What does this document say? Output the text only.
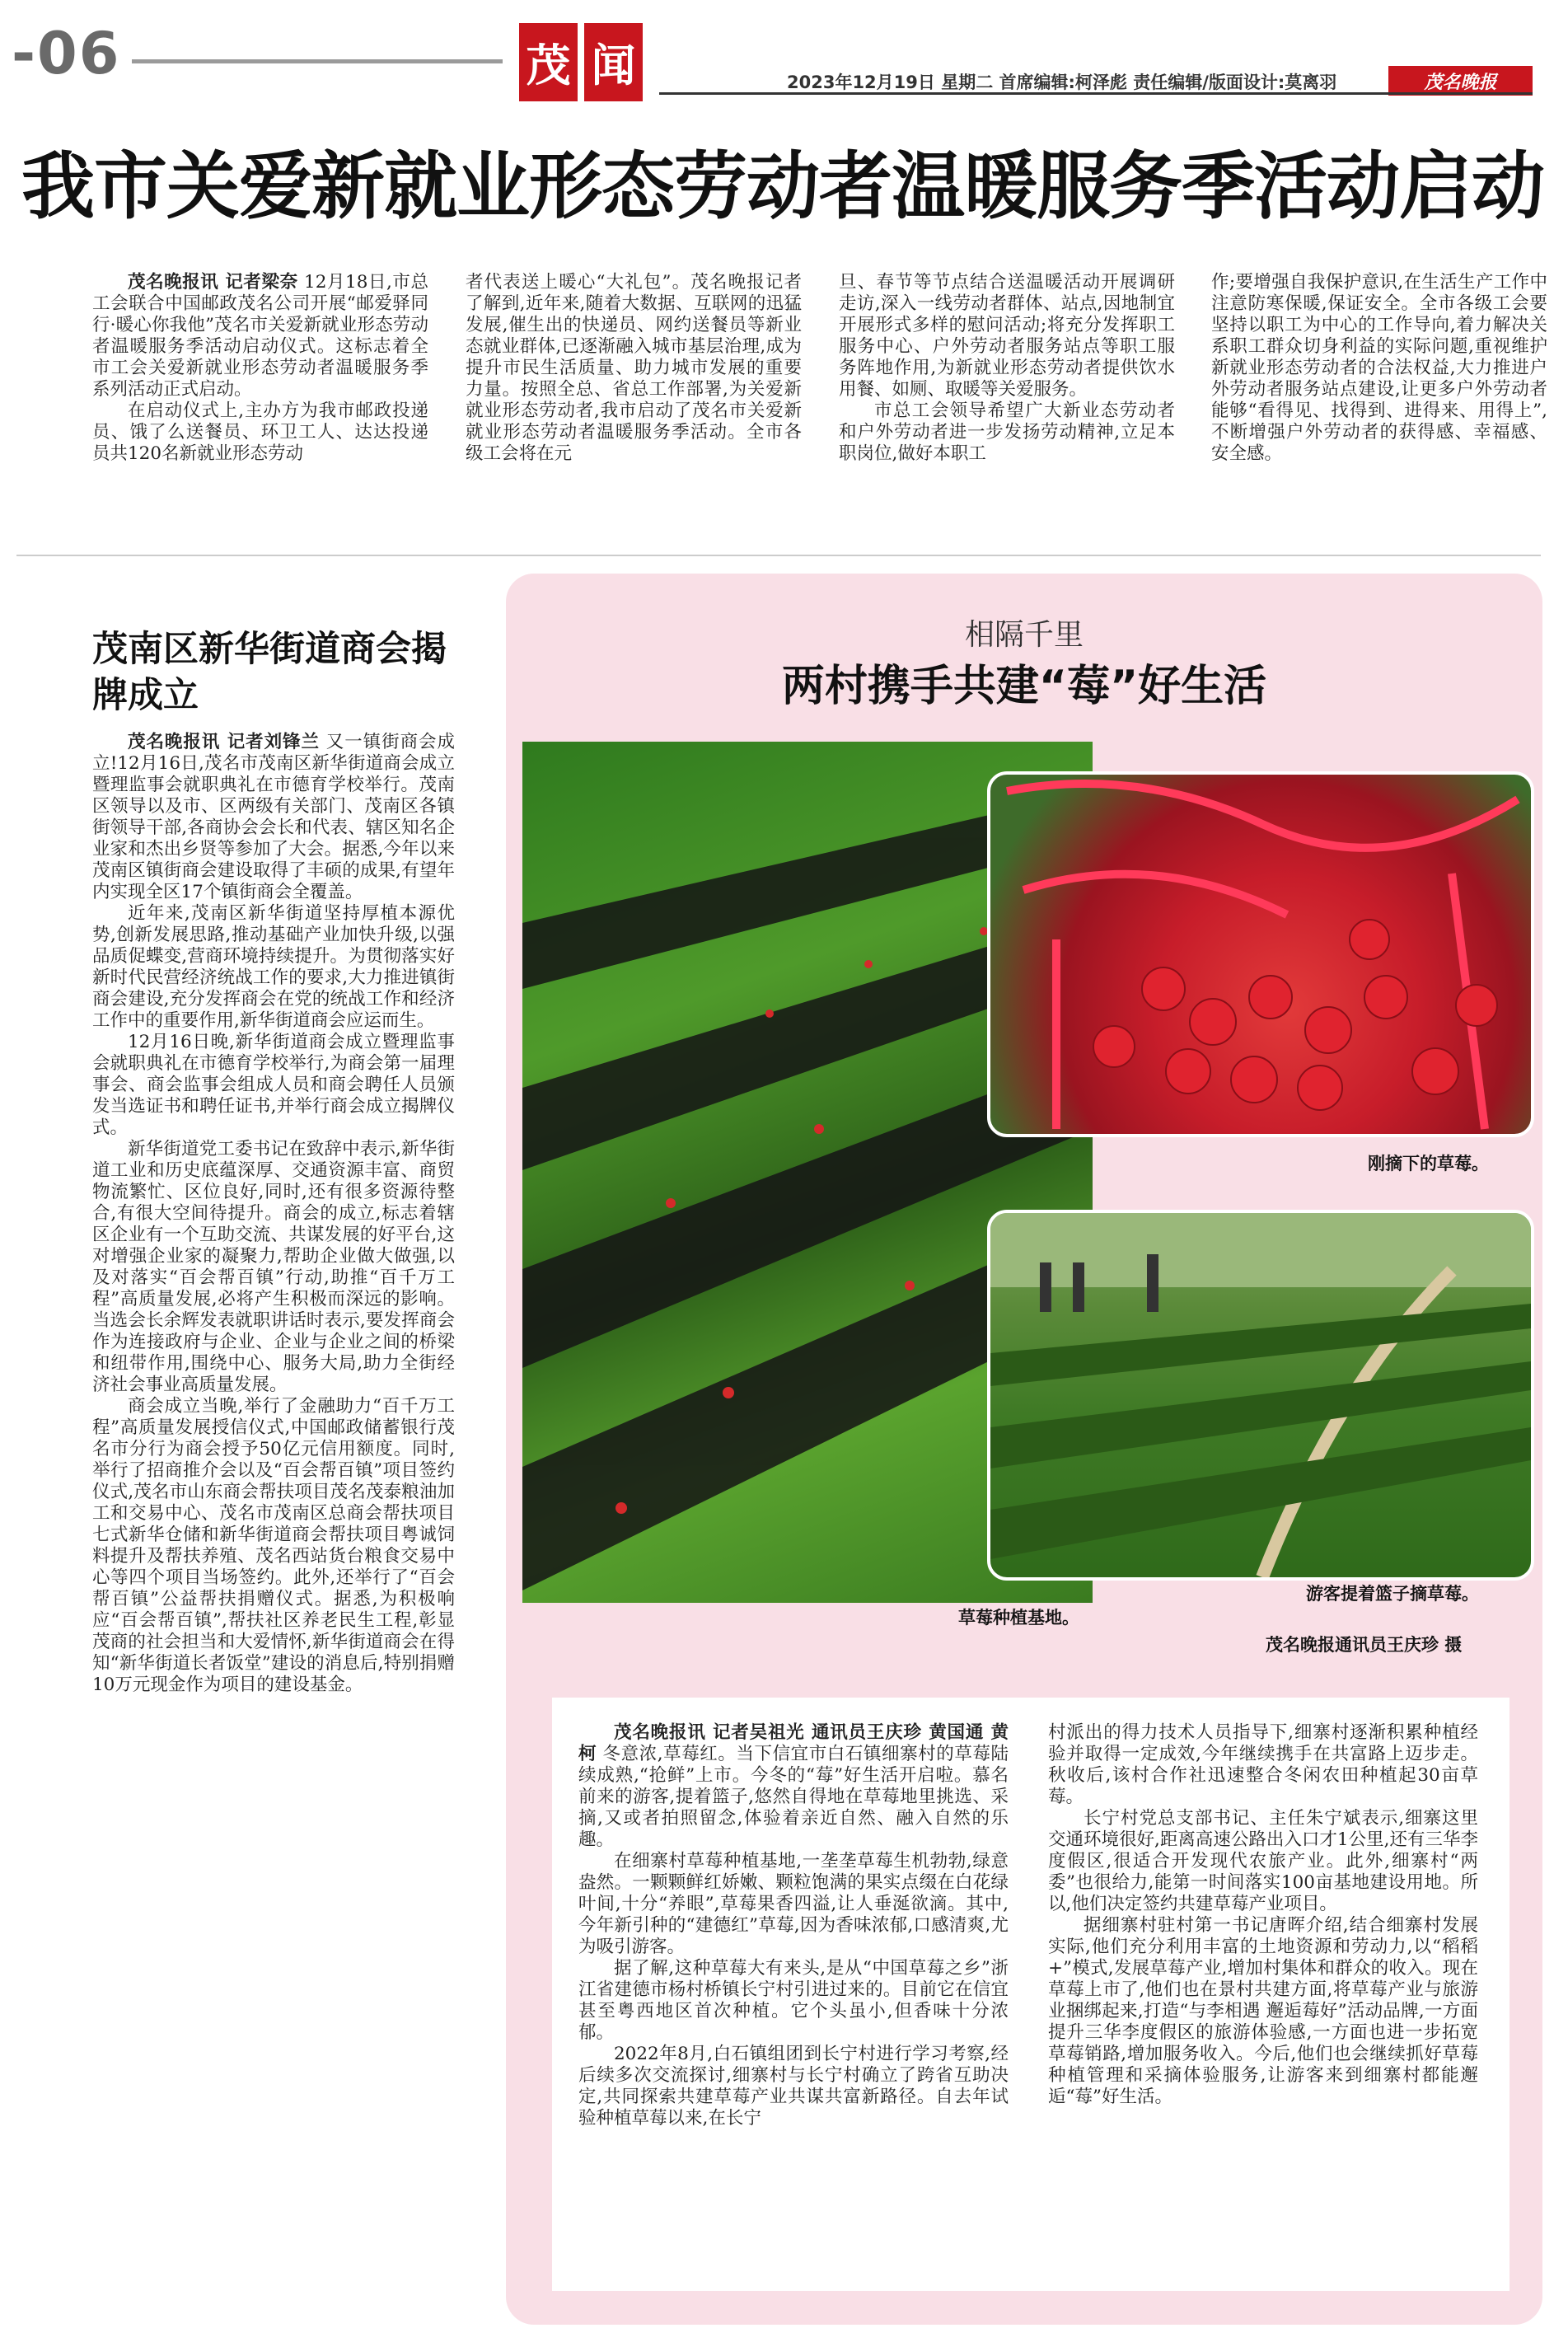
-06	茂 闻	2023年12月19日 星期二 首席编辑:柯泽彪 责任编辑/版面设计:莫离羽	茂名晚报
我市关爱新就业形态劳动者温暖服务季活动启动

茂名晚报讯 记者梁奈 12月18日,市总工会联合中国邮政茂名公司开展“邮爱驿同行·暖心你我他”茂名市关爱新就业形态劳动者温暖服务季活动启动仪式。这标志着全市工会关爱新就业形态劳动者温暖服务季系列活动正式启动。

在启动仪式上,主办方为我市邮政投递员、饿了么送餐员、环卫工人、达达投递员共120名新就业形态劳动

者代表送上暖心“大礼包”。茂名晚报记者了解到,近年来,随着大数据、互联网的迅猛发展,催生出的快递员、网约送餐员等新业态就业群体,已逐渐融入城市基层治理,成为提升市民生活质量、助力城市发展的重要力量。按照全总、省总工作部署,为关爱新就业形态劳动者,我市启动了茂名市关爱新就业形态劳动者温暖服务季活动。全市各级工会将在元

旦、春节等节点结合送温暖活动开展调研走访,深入一线劳动者群体、站点,因地制宜开展形式多样的慰问活动;将充分发挥职工服务中心、户外劳动者服务站点等职工服务阵地作用,为新就业形态劳动者提供饮水用餐、如厕、取暖等关爱服务。

市总工会领导希望广大新业态劳动者和户外劳动者进一步发扬劳动精神,立足本职岗位,做好本职工

作;要增强自我保护意识,在生活生产工作中注意防寒保暖,保证安全。全市各级工会要坚持以职工为中心的工作导向,着力解决关系职工群众切身利益的实际问题,重视维护新就业形态劳动者的合法权益,大力推进户外劳动者服务站点建设,让更多户外劳动者能够“看得见、找得到、进得来、用得上”,不断增强户外劳动者的获得感、幸福感、安全感。

茂南区新华街道商会揭牌成立

茂名晚报讯 记者刘锋兰 又一镇街商会成立!12月16日,茂名市茂南区新华街道商会成立暨理监事会就职典礼在市德育学校举行。茂南区领导以及市、区两级有关部门、茂南区各镇街领导干部,各商协会会长和代表、辖区知名企业家和杰出乡贤等参加了大会。据悉,今年以来茂南区镇街商会建设取得了丰硕的成果,有望年内实现全区17个镇街商会全覆盖。

近年来,茂南区新华街道坚持厚植本源优势,创新发展思路,推动基础产业加快升级,以强品质促蝶变,营商环境持续提升。为贯彻落实好新时代民营经济统战工作的要求,大力推进镇街商会建设,充分发挥商会在党的统战工作和经济工作中的重要作用,新华街道商会应运而生。

12月16日晚,新华街道商会成立暨理监事会就职典礼在市德育学校举行,为商会第一届理事会、商会监事会组成人员和商会聘任人员颁发当选证书和聘任证书,并举行商会成立揭牌仪式。

新华街道党工委书记在致辞中表示,新华街道工业和历史底蕴深厚、交通资源丰富、商贸物流繁忙、区位良好,同时,还有很多资源待整合,有很大空间待提升。商会的成立,标志着辖区企业有一个互助交流、共谋发展的好平台,这对增强企业家的凝聚力,帮助企业做大做强,以及对落实“百会帮百镇”行动,助推“百千万工程”高质量发展,必将产生积极而深远的影响。当选会长余辉发表就职讲话时表示,要发挥商会作为连接政府与企业、企业与企业之间的桥梁和纽带作用,围绕中心、服务大局,助力全街经济社会事业高质量发展。

商会成立当晚,举行了金融助力“百千万工程”高质量发展授信仪式,中国邮政储蓄银行茂名市分行为商会授予50亿元信用额度。同时,举行了招商推介会以及“百会帮百镇”项目签约仪式,茂名市山东商会帮扶项目茂名茂泰粮油加工和交易中心、茂名市茂南区总商会帮扶项目七式新华仓储和新华街道商会帮扶项目粤诚饲料提升及帮扶养殖、茂名西站货台粮食交易中心等四个项目当场签约。此外,还举行了“百会帮百镇”公益帮扶捐赠仪式。据悉,为积极响应“百会帮百镇”,帮扶社区养老民生工程,彰显茂商的社会担当和大爱情怀,新华街道商会在得知“新华街道长者饭堂”建设的消息后,特别捐赠10万元现金作为项目的建设基金。

相隔千里
两村携手共建“莓”好生活
刚摘下的草莓。
游客提着篮子摘草莓。
草莓种植基地。
茂名晚报通讯员王庆珍 摄

茂名晚报讯 记者吴祖光 通讯员王庆珍 黄国通 黄柯 冬意浓,草莓红。当下信宜市白石镇细寨村的草莓陆续成熟,“抢鲜”上市。今冬的“莓”好生活开启啦。慕名前来的游客,提着篮子,悠然自得地在草莓地里挑选、采摘,又或者拍照留念,体验着亲近自然、融入自然的乐趣。

在细寨村草莓种植基地,一垄垄草莓生机勃勃,绿意盎然。一颗颗鲜红娇嫩、颗粒饱满的果实点缀在白花绿叶间,十分“养眼”,草莓果香四溢,让人垂涎欲滴。其中,今年新引种的“建德红”草莓,因为香味浓郁,口感清爽,尤为吸引游客。

据了解,这种草莓大有来头,是从“中国草莓之乡”浙江省建德市杨村桥镇长宁村引进过来的。目前它在信宜甚至粤西地区首次种植。它个头虽小,但香味十分浓郁。

2022年8月,白石镇组团到长宁村进行学习考察,经后续多次交流探讨,细寨村与长宁村确立了跨省互助决定,共同探索共建草莓产业共谋共富新路径。自去年试验种植草莓以来,在长宁

村派出的得力技术人员指导下,细寨村逐渐积累种植经验并取得一定成效,今年继续携手在共富路上迈步走。秋收后,该村合作社迅速整合冬闲农田种植起30亩草莓。

长宁村党总支部书记、主任朱宁斌表示,细寨这里交通环境很好,距离高速公路出入口才1公里,还有三华李度假区,很适合开发现代农旅产业。此外,细寨村“两委”也很给力,能第一时间落实100亩基地建设用地。所以,他们决定签约共建草莓产业项目。

据细寨村驻村第一书记唐晖介绍,结合细寨村发展实际,他们充分利用丰富的土地资源和劳动力,以“稻稻+”模式,发展草莓产业,增加村集体和群众的收入。现在草莓上市了,他们也在景村共建方面,将草莓产业与旅游业捆绑起来,打造“与李相遇 邂逅莓好”活动品牌,一方面提升三华李度假区的旅游体验感,一方面也进一步拓宽草莓销路,增加服务收入。今后,他们也会继续抓好草莓种植管理和采摘体验服务,让游客来到细寨村都能邂逅“莓”好生活。
